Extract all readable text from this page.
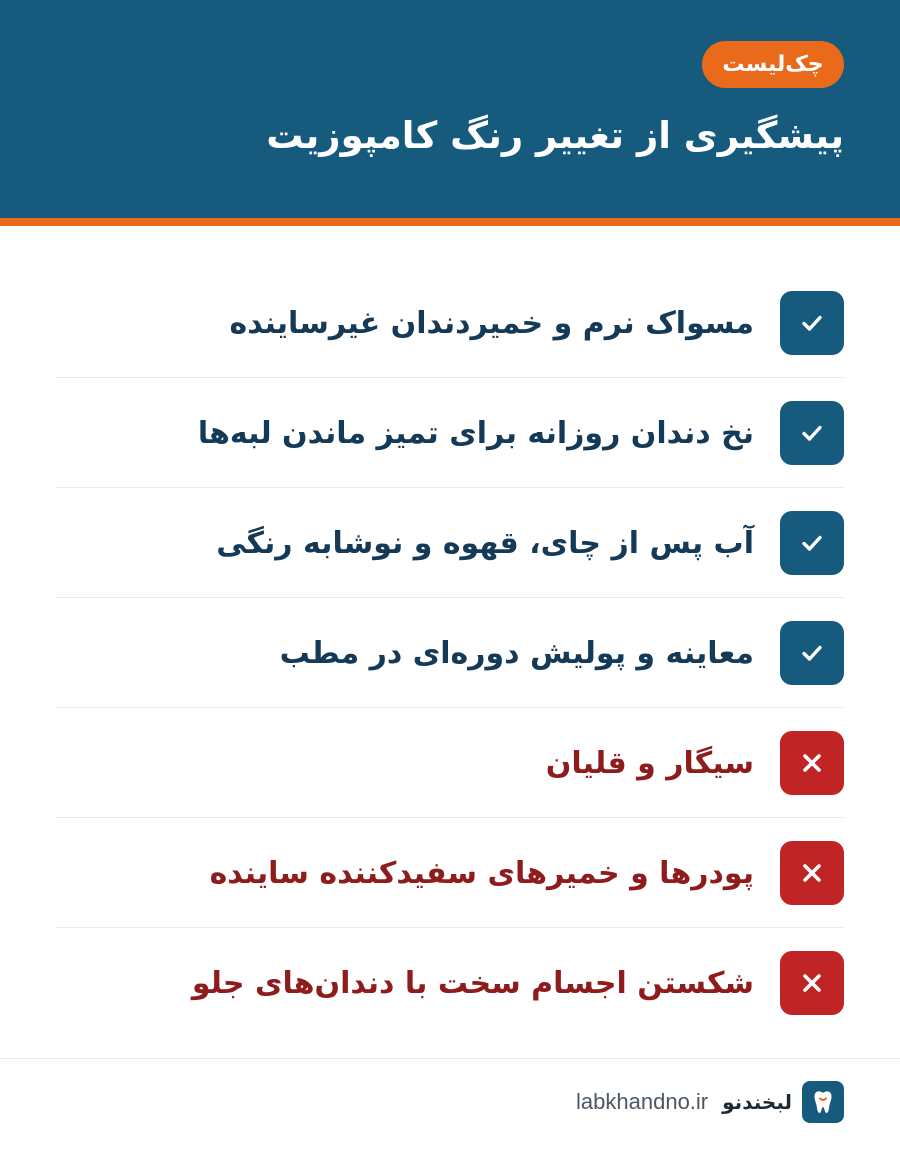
چک‌لیست
پیشگیری از تغییر رنگ کامپوزیت
مسواک نرم و خمیردندان غیرساینده
نخ دندان روزانه برای تمیز ماندن لبه‌ها
آب پس از چای، قهوه و نوشابه رنگی
معاینه و پولیش دوره‌ای در مطب
سیگار و قلیان
پودرها و خمیرهای سفیدکننده ساینده
شکستن اجسام سخت با دندان‌های جلو
لبخندنو
labkhandno.ir
